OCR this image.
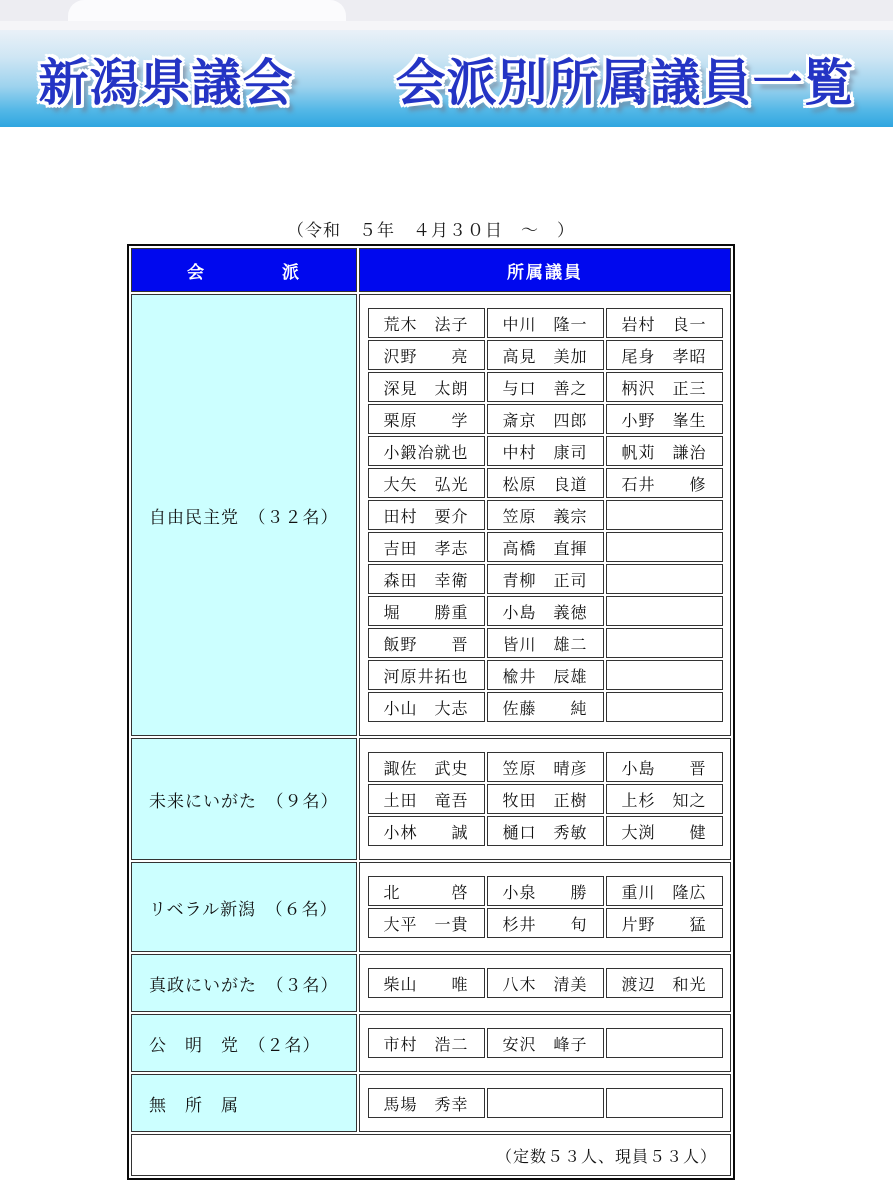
新潟県議会　　会派別所属議員一覧
（令和　５年　４月３０日　～　）
会　　　　派	所属議員
自由民主党　（３２名）
荒木　法子	中川　隆一	岩村　良一
沢野　　亮	高見　美加	尾身　孝昭
深見　太朗	与口　善之	柄沢　正三
栗原　　学	斎京　四郎	小野　峯生
小鍛冶就也	中村　康司	帆苅　謙治
大矢　弘光	松原　良道	石井　　修
田村　要介	笠原　義宗
吉田　孝志	高橋　直揮
森田　幸衛	青柳　正司
堀　　勝重	小島　義徳
飯野　　晋	皆川　雄二
河原井拓也	楡井　辰雄
小山　大志	佐藤　　純
未来にいがた　（９名）
諏佐　武史	笠原　晴彦	小島　　晋
土田　竜吾	牧田　正樹	上杉　知之
小林　　誠	樋口　秀敏	大渕　　健
リベラル新潟　（６名）
北　　　啓	小泉　　勝	重川　隆広
大平　一貴	杉井　　旬	片野　　猛
真政にいがた　（３名）	柴山　　唯	八木　清美	渡辺　和光
公　明　党　（２名）	市村　浩二	安沢　峰子
無　所　属	馬場　秀幸
（定数５３人、現員５３人）
